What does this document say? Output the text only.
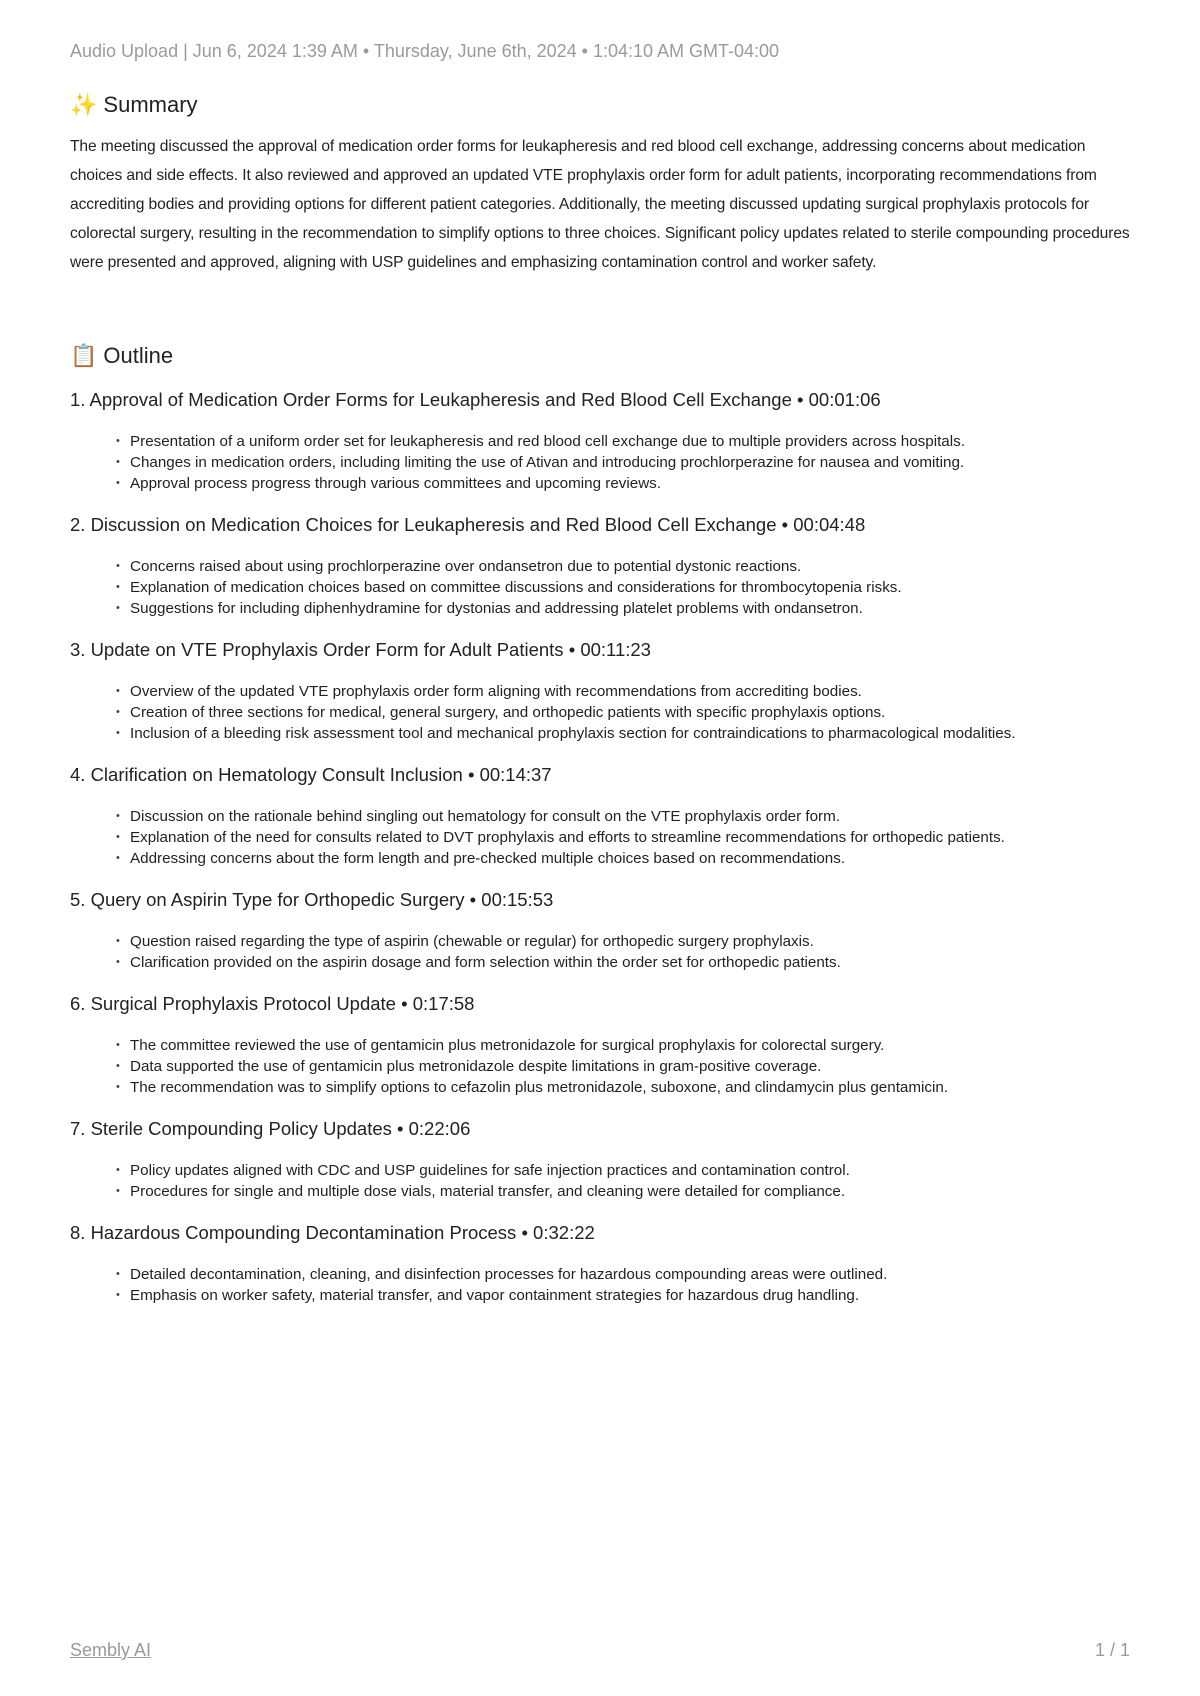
Audio Upload | Jun 6, 2024 1:39 AM • Thursday, June 6th, 2024 • 1:04:10 AM GMT-04:00
✨ Summary
The meeting discussed the approval of medication order forms for leukapheresis and red blood cell exchange, addressing concerns about medication choices and side effects. It also reviewed and approved an updated VTE prophylaxis order form for adult patients, incorporating recommendations from accrediting bodies and providing options for different patient categories. Additionally, the meeting discussed updating surgical prophylaxis protocols for colorectal surgery, resulting in the recommendation to simplify options to three choices. Significant policy updates related to sterile compounding procedures were presented and approved, aligning with USP guidelines and emphasizing contamination control and worker safety.
📋 Outline
1. Approval of Medication Order Forms for Leukapheresis and Red Blood Cell Exchange • 00:01:06
• Presentation of a uniform order set for leukapheresis and red blood cell exchange due to multiple providers across hospitals.
• Changes in medication orders, including limiting the use of Ativan and introducing prochlorperazine for nausea and vomiting.
• Approval process progress through various committees and upcoming reviews.
2. Discussion on Medication Choices for Leukapheresis and Red Blood Cell Exchange • 00:04:48
• Concerns raised about using prochlorperazine over ondansetron due to potential dystonic reactions.
• Explanation of medication choices based on committee discussions and considerations for thrombocytopenia risks.
• Suggestions for including diphenhydramine for dystonias and addressing platelet problems with ondansetron.
3. Update on VTE Prophylaxis Order Form for Adult Patients • 00:11:23
• Overview of the updated VTE prophylaxis order form aligning with recommendations from accrediting bodies.
• Creation of three sections for medical, general surgery, and orthopedic patients with specific prophylaxis options.
• Inclusion of a bleeding risk assessment tool and mechanical prophylaxis section for contraindications to pharmacological modalities.
4. Clarification on Hematology Consult Inclusion • 00:14:37
• Discussion on the rationale behind singling out hematology for consult on the VTE prophylaxis order form.
• Explanation of the need for consults related to DVT prophylaxis and efforts to streamline recommendations for orthopedic patients.
• Addressing concerns about the form length and pre-checked multiple choices based on recommendations.
5. Query on Aspirin Type for Orthopedic Surgery • 00:15:53
• Question raised regarding the type of aspirin (chewable or regular) for orthopedic surgery prophylaxis.
• Clarification provided on the aspirin dosage and form selection within the order set for orthopedic patients.
6. Surgical Prophylaxis Protocol Update • 0:17:58
• The committee reviewed the use of gentamicin plus metronidazole for surgical prophylaxis for colorectal surgery.
• Data supported the use of gentamicin plus metronidazole despite limitations in gram-positive coverage.
• The recommendation was to simplify options to cefazolin plus metronidazole, suboxone, and clindamycin plus gentamicin.
7. Sterile Compounding Policy Updates • 0:22:06
• Policy updates aligned with CDC and USP guidelines for safe injection practices and contamination control.
• Procedures for single and multiple dose vials, material transfer, and cleaning were detailed for compliance.
8. Hazardous Compounding Decontamination Process • 0:32:22
• Detailed decontamination, cleaning, and disinfection processes for hazardous compounding areas were outlined.
• Emphasis on worker safety, material transfer, and vapor containment strategies for hazardous drug handling.
Sembly AI	1 / 1
